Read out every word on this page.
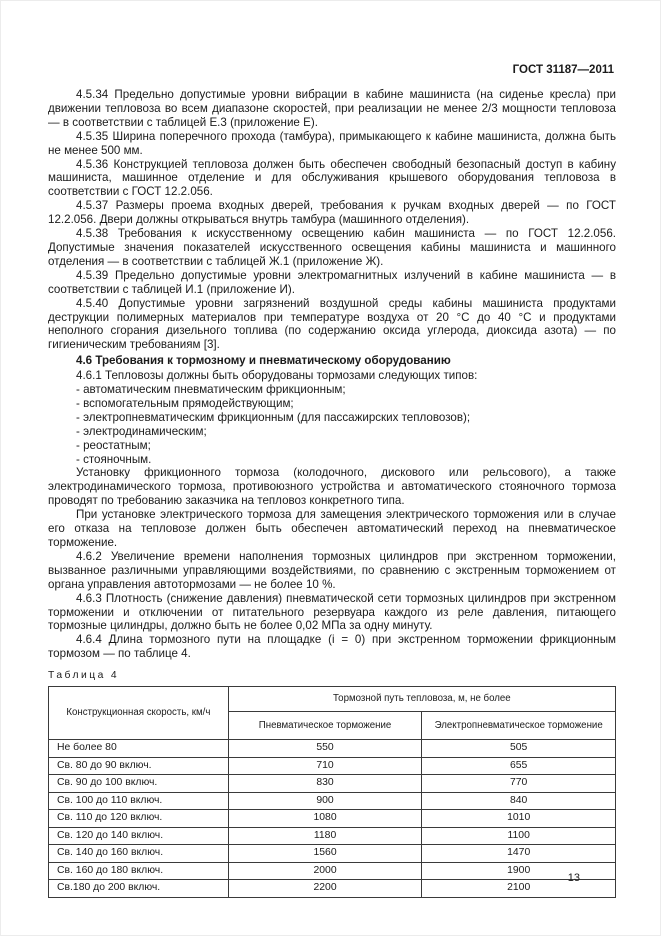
ГОСТ 31187—2011

4.5.34 Предельно допустимые уровни вибрации в кабине машиниста (на сиденье кресла) при движении тепловоза во всем диапазоне скоростей, при реализации не менее 2/3 мощности тепловоза — в соответствии с таблицей Е.3 (приложение Е).

4.5.35 Ширина поперечного прохода (тамбура), примыкающего к кабине машиниста, должна быть не менее 500 мм.

4.5.36 Конструкцией тепловоза должен быть обеспечен свободный безопасный доступ в кабину машиниста, машинное отделение и для обслуживания крышевого оборудования тепловоза в соответствии с ГОСТ 12.2.056.

4.5.37 Размеры проема входных дверей, требования к ручкам входных дверей — по ГОСТ 12.2.056. Двери должны открываться внутрь тамбура (машинного отделения).

4.5.38 Требования к искусственному освещению кабин машиниста — по ГОСТ 12.2.056. Допустимые значения показателей искусственного освещения кабины машиниста и машинного отделения — в соответствии с таблицей Ж.1 (приложение Ж).

4.5.39 Предельно допустимые уровни электромагнитных излучений в кабине машиниста — в соответствии с таблицей И.1 (приложение И).

4.5.40 Допустимые уровни загрязнений воздушной среды кабины машиниста продуктами деструкции полимерных материалов при температуре воздуха от 20 °С до 40 °С и продуктами неполного сгорания дизельного топлива (по содержанию оксида углерода, диоксида азота) — по гигиеническим требованиям [3].

4.6 Требования к тормозному и пневматическому оборудованию

4.6.1 Тепловозы должны быть оборудованы тормозами следующих типов:

- автоматическим пневматическим фрикционным;

- вспомогательным прямодействующим;

- электропневматическим фрикционным (для пассажирских тепловозов);

- электродинамическим;

- реостатным;

- стояночным.

Установку фрикционного тормоза (колодочного, дискового или рельсового), а также электродинамического тормоза, противоюзного устройства и автоматического стояночного тормоза проводят по требованию заказчика на тепловоз конкретного типа.

При установке электрического тормоза для замещения электрического торможения или в случае его отказа на тепловозе должен быть обеспечен автоматический переход на пневматическое торможение.

4.6.2 Увеличение времени наполнения тормозных цилиндров при экстренном торможении, вызванное различными управляющими воздействиями, по сравнению с экстренным торможением от органа управления автотормозами — не более 10 %.

4.6.3 Плотность (снижение давления) пневматической сети тормозных цилиндров при экстренном торможении и отключении от питательного резервуара каждого из реле давления, питающего тормозные цилиндры, должно быть не более 0,02 МПа за одну минуту.

4.6.4 Длина тормозного пути на площадке (i = 0) при экстренном торможении фрикционным тормозом — по таблице 4.

Таблица 4
Конструкционная скорость, км/ч	Тормозной путь тепловоза, м, не более	
	Пневматическое торможение	Электропневматическое торможение
Не более 80	550	505
Св. 80 до 90 включ.	710	655
Св. 90 до 100 включ.	830	770
Св. 100 до 110 включ.	900	840
Св. 110 до 120 включ.	1080	1010
Св. 120 до 140 включ.	1180	1100
Св. 140 до 160 включ.	1560	1470
Св. 160 до 180 включ.	2000	1900
Св.180 до 200 включ.	2200	2100
13
